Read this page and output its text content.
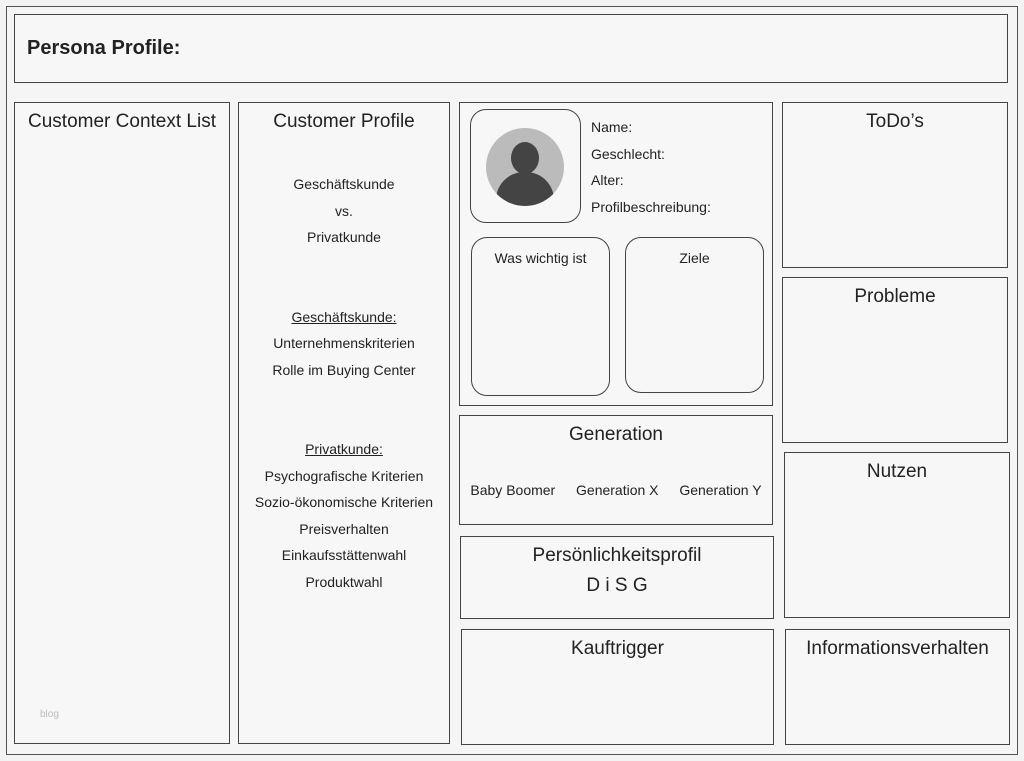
Persona Profile:
Customer Context List
blog
Customer Profile
Geschäftskunde
vs.
Privatkunde
Geschäftskunde:
Unternehmenskriterien
Rolle im Buying Center
Privatkunde:
Psychografische Kriterien
Sozio-ökonomische Kriterien
Preisverhalten
Einkaufsstättenwahl
Produktwahl
Was wichtig ist	Ziele
Name:
Geschlecht:
Alter:
Profilbeschreibung:
Generation
Baby Boomer Generation X Generation Y
Persönlichkeitsprofil
D i S G
Kauftrigger
ToDo’s
Probleme
Nutzen
Informationsverhalten
